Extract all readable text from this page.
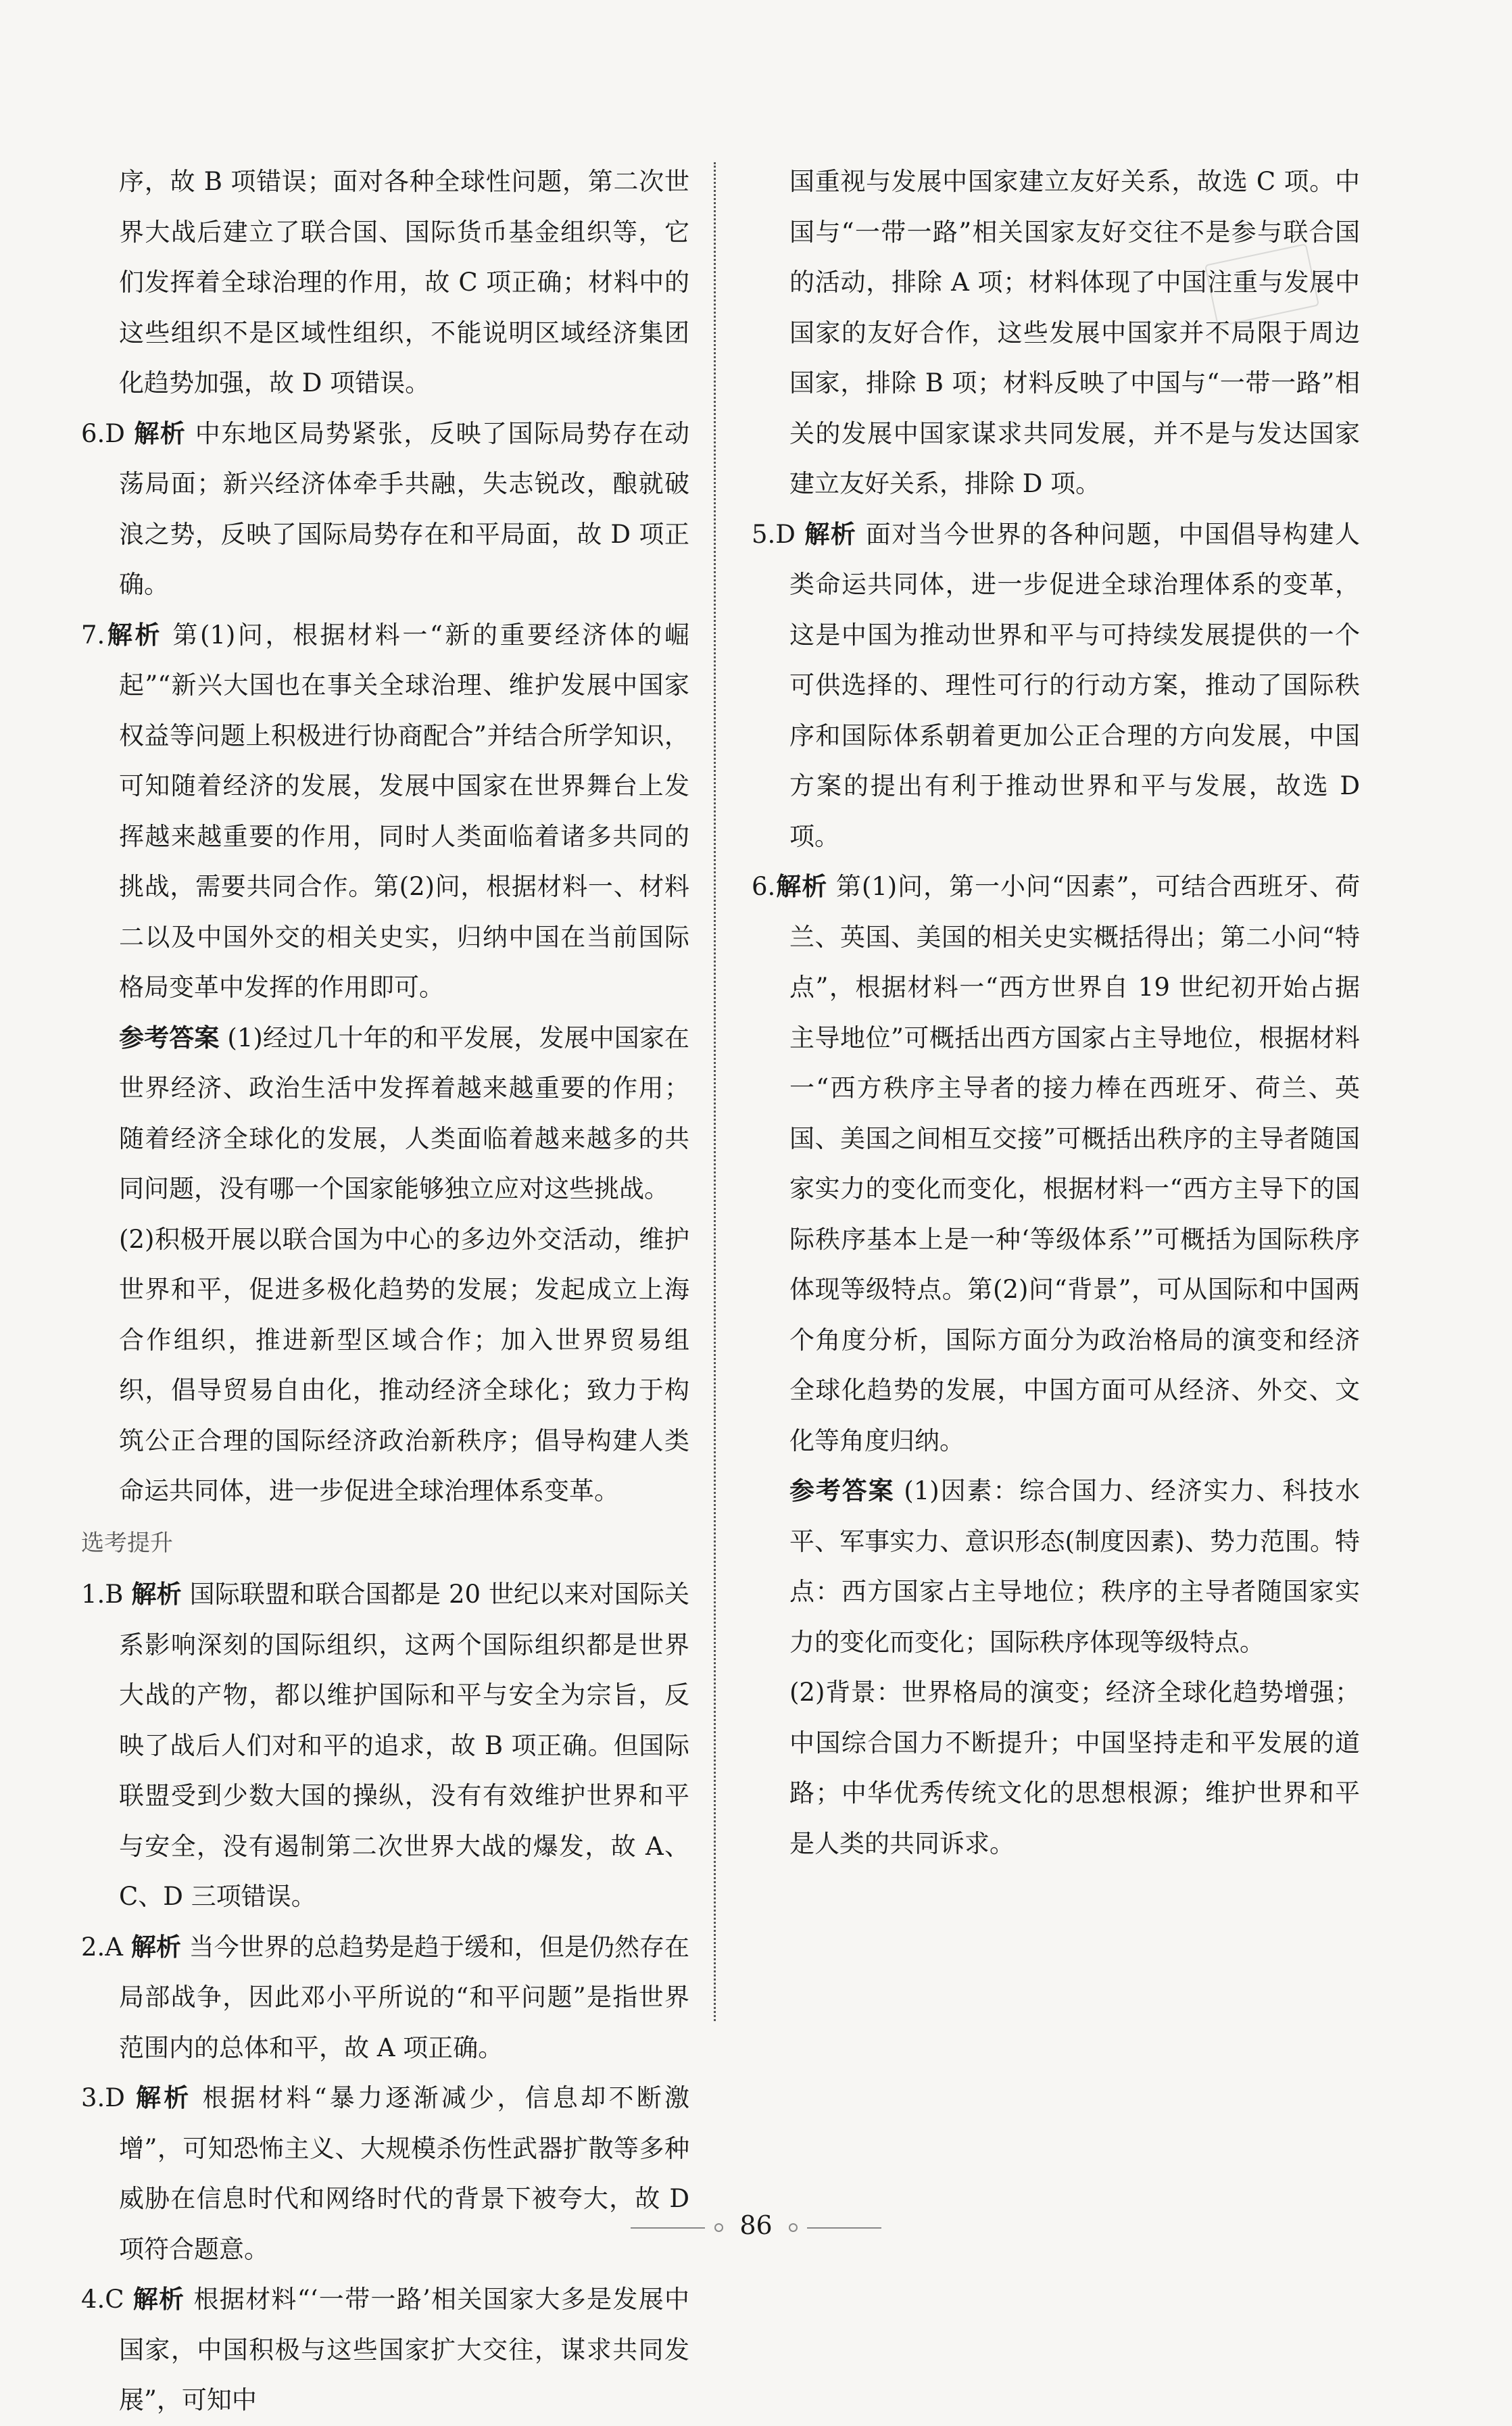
序，故 B 项错误；面对各种全球性问题，第二次世界大战后建立了联合国、国际货币基金组织等，它们发挥着全球治理的作用，故 C 项正确；材料中的这些组织不是区域性组织，不能说明区域经济集团化趋势加强，故 D 项错误。

6.D 解析 中东地区局势紧张，反映了国际局势存在动荡局面；新兴经济体牵手共融，失志锐改，酿就破浪之势，反映了国际局势存在和平局面，故 D 项正确。

7.解析 第(1)问，根据材料一“新的重要经济体的崛起”“新兴大国也在事关全球治理、维护发展中国家权益等问题上积极进行协商配合”并结合所学知识，可知随着经济的发展，发展中国家在世界舞台上发挥越来越重要的作用，同时人类面临着诸多共同的挑战，需要共同合作。第(2)问，根据材料一、材料二以及中国外交的相关史实，归纳中国在当前国际格局变革中发挥的作用即可。

参考答案 (1)经过几十年的和平发展，发展中国家在世界经济、政治生活中发挥着越来越重要的作用；随着经济全球化的发展，人类面临着越来越多的共同问题，没有哪一个国家能够独立应对这些挑战。

(2)积极开展以联合国为中心的多边外交活动，维护世界和平，促进多极化趋势的发展；发起成立上海合作组织，推进新型区域合作；加入世界贸易组织，倡导贸易自由化，推动经济全球化；致力于构筑公正合理的国际经济政治新秩序；倡导构建人类命运共同体，进一步促进全球治理体系变革。

选考提升

1.B 解析 国际联盟和联合国都是 20 世纪以来对国际关系影响深刻的国际组织，这两个国际组织都是世界大战的产物，都以维护国际和平与安全为宗旨，反映了战后人们对和平的追求，故 B 项正确。但国际联盟受到少数大国的操纵，没有有效维护世界和平与安全，没有遏制第二次世界大战的爆发，故 A、C、D 三项错误。

2.A 解析 当今世界的总趋势是趋于缓和，但是仍然存在局部战争，因此邓小平所说的“和平问题”是指世界范围内的总体和平，故 A 项正确。

3.D 解析 根据材料“暴力逐渐减少，信息却不断激增”，可知恐怖主义、大规模杀伤性武器扩散等多种威胁在信息时代和网络时代的背景下被夸大，故 D 项符合题意。

4.C 解析 根据材料“‘一带一路’相关国家大多是发展中国家，中国积极与这些国家扩大交往，谋求共同发展”，可知中

国重视与发展中国家建立友好关系，故选 C 项。中国与“一带一路”相关国家友好交往不是参与联合国的活动，排除 A 项；材料体现了中国注重与发展中国家的友好合作，这些发展中国家并不局限于周边国家，排除 B 项；材料反映了中国与“一带一路”相关的发展中国家谋求共同发展，并不是与发达国家建立友好关系，排除 D 项。

5.D 解析 面对当今世界的各种问题，中国倡导构建人类命运共同体，进一步促进全球治理体系的变革，这是中国为推动世界和平与可持续发展提供的一个可供选择的、理性可行的行动方案，推动了国际秩序和国际体系朝着更加公正合理的方向发展，中国方案的提出有利于推动世界和平与发展，故选 D 项。

6.解析 第(1)问，第一小问“因素”，可结合西班牙、荷兰、英国、美国的相关史实概括得出；第二小问“特点”，根据材料一“西方世界自 19 世纪初开始占据主导地位”可概括出西方国家占主导地位，根据材料一“西方秩序主导者的接力棒在西班牙、荷兰、英国、美国之间相互交接”可概括出秩序的主导者随国家实力的变化而变化，根据材料一“西方主导下的国际秩序基本上是一种‘等级体系’”可概括为国际秩序体现等级特点。第(2)问“背景”，可从国际和中国两个角度分析，国际方面分为政治格局的演变和经济全球化趋势的发展，中国方面可从经济、外交、文化等角度归纳。

参考答案 (1)因素：综合国力、经济实力、科技水平、军事实力、意识形态(制度因素)、势力范围。特点：西方国家占主导地位；秩序的主导者随国家实力的变化而变化；国际秩序体现等级特点。

(2)背景：世界格局的演变；经济全球化趋势增强；中国综合国力不断提升；中国坚持走和平发展的道路；中华优秀传统文化的思想根源；维护世界和平是人类的共同诉求。

86
